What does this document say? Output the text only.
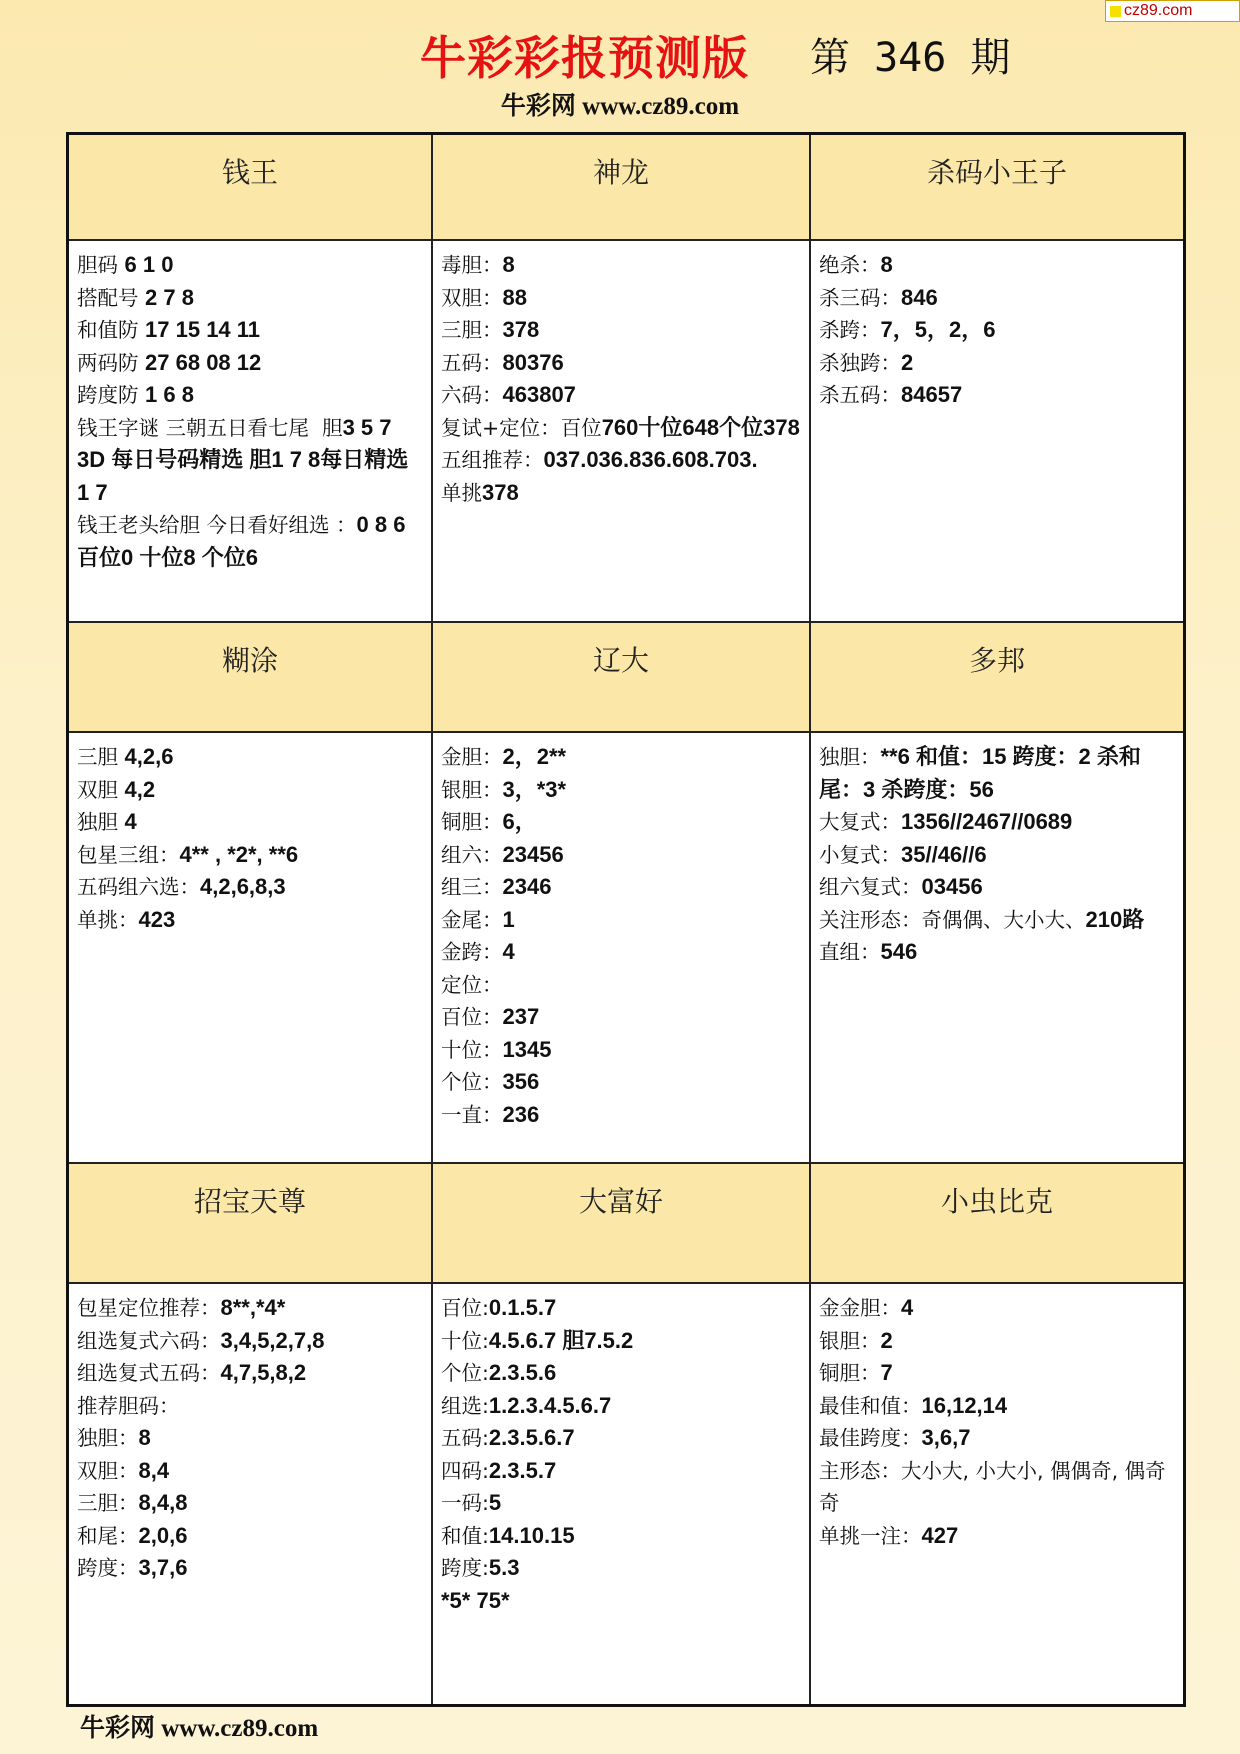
cz89.com
牛彩彩报预测版 第 346 期
牛彩网 www.cz89.com
钱王	神龙	杀码小王子
胆码 6 1 0
搭配号 2 7 8
和值防 17 15 14 11
两码防 27 68 08 12
跨度防 1 6 8
钱王字谜 三朝五日看七尾  胆3 5 7
3D 每日号码精选 胆1 7 8每日精选 1 7
钱王老头给胆 今日看好组选 ：0 8 6百位0 十位8 个位6
毒胆：8
双胆：88
三胆：378
五码：80376
六码：463807
复试+定位：百位760十位648个位378
五组推荐：037.036.836.608.703.
单挑378
绝杀：8
杀三码：846
杀跨：7，5，2，6
杀独跨：2
杀五码：84657
糊涂	辽大	多邦
三胆 4,2,6
双胆 4,2
独胆 4
包星三组：4** , *2*, **6
五码组六选：4,2,6,8,3
单挑：423
金胆：2，2**
银胆：3，*3*
铜胆：6，
组六：23456
组三：2346
金尾：1
金跨：4
定位：
百位：237
十位：1345
个位：356
一直：236
独胆：**6 和值：15 跨度：2 杀和尾：3 杀跨度：56
大复式：1356//2467//0689
小复式：35//46//6
组六复式：03456
关注形态：奇偶偶、大小大、210路
直组：546
招宝天尊	大富好	小虫比克
包星定位推荐：8**,*4*
组选复式六码：3,4,5,2,7,8
组选复式五码：4,7,5,8,2
推荐胆码：
独胆：8
双胆：8,4
三胆：8,4,8
和尾：2,0,6
跨度：3,7,6
百位:0.1.5.7
十位:4.5.6.7 胆7.5.2
个位:2.3.5.6
组选:1.2.3.4.5.6.7
五码:2.3.5.6.7
四码:2.3.5.7
一码:5
和值:14.10.15
跨度:5.3
*5* 75*
金金胆：4
银胆：2
铜胆：7
最佳和值：16,12,14
最佳跨度：3,6,7
主形态：大小大, 小大小, 偶偶奇, 偶奇奇
单挑一注：427
牛彩网 www.cz89.com
